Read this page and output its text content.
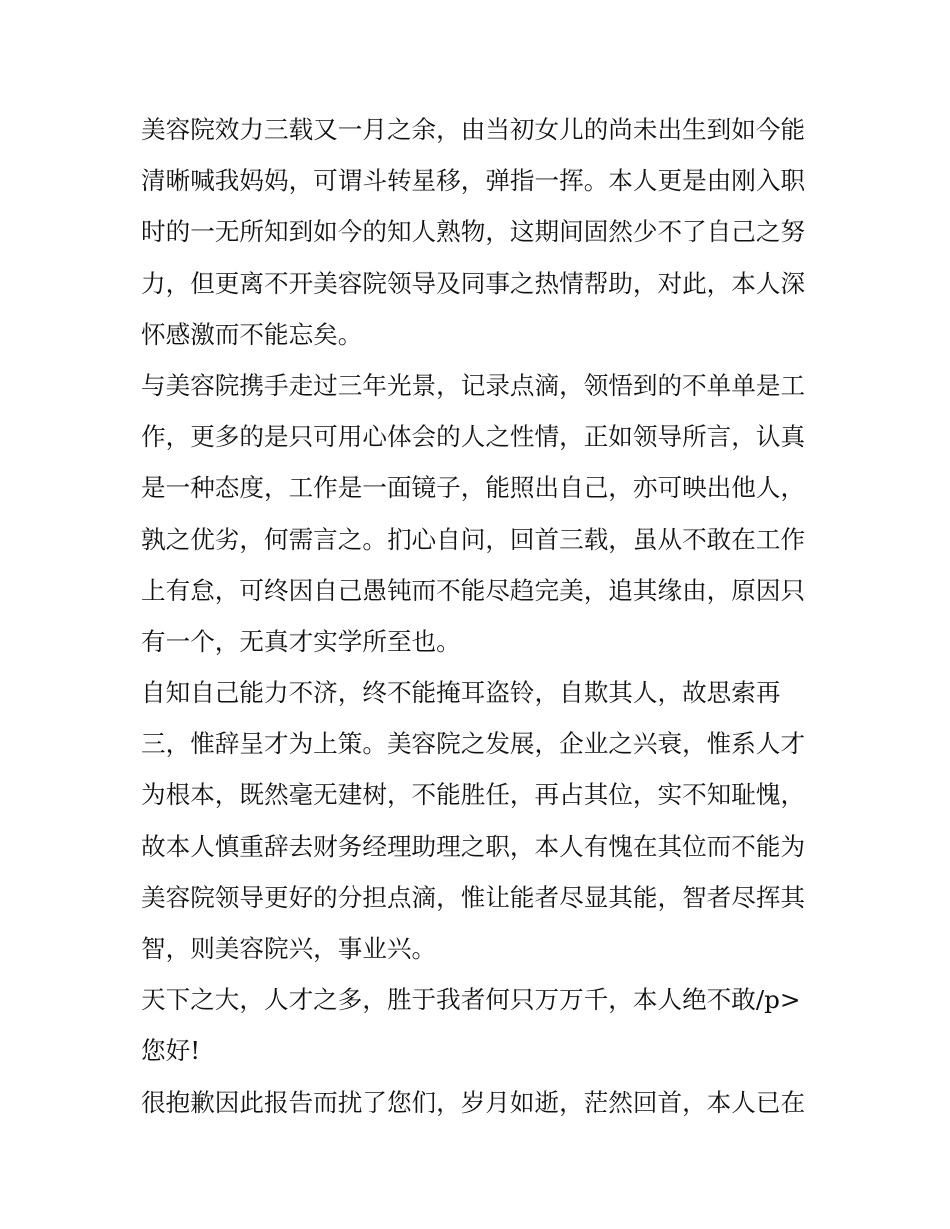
美容院效力三载又一月之余，由当初女儿的尚未出生到如今能
清晰喊我妈妈，可谓斗转星移，弹指一挥。本人更是由刚入职
时的一无所知到如今的知人熟物，这期间固然少不了自己之努
力，但更离不开美容院领导及同事之热情帮助，对此，本人深
怀感激而不能忘矣。
与美容院携手走过三年光景，记录点滴，领悟到的不单单是工
作，更多的是只可用心体会的人之性情，正如领导所言，认真
是一种态度，工作是一面镜子，能照出自己，亦可映出他人，
孰之优劣，何需言之。扪心自问，回首三载，虽从不敢在工作
上有怠，可终因自己愚钝而不能尽趋完美，追其缘由，原因只
有一个，无真才实学所至也。
自知自己能力不济，终不能掩耳盗铃，自欺其人，故思索再
三，惟辞呈才为上策。美容院之发展，企业之兴衰，惟系人才
为根本，既然毫无建树，不能胜任，再占其位，实不知耻愧，
故本人慎重辞去财务经理助理之职，本人有愧在其位而不能为
美容院领导更好的分担点滴，惟让能者尽显其能，智者尽挥其
智，则美容院兴，事业兴。
天下之大，人才之多，胜于我者何只万万千，本人绝不敢/p>
您好!
很抱歉因此报告而扰了您们，岁月如逝，茫然回首，本人已在
